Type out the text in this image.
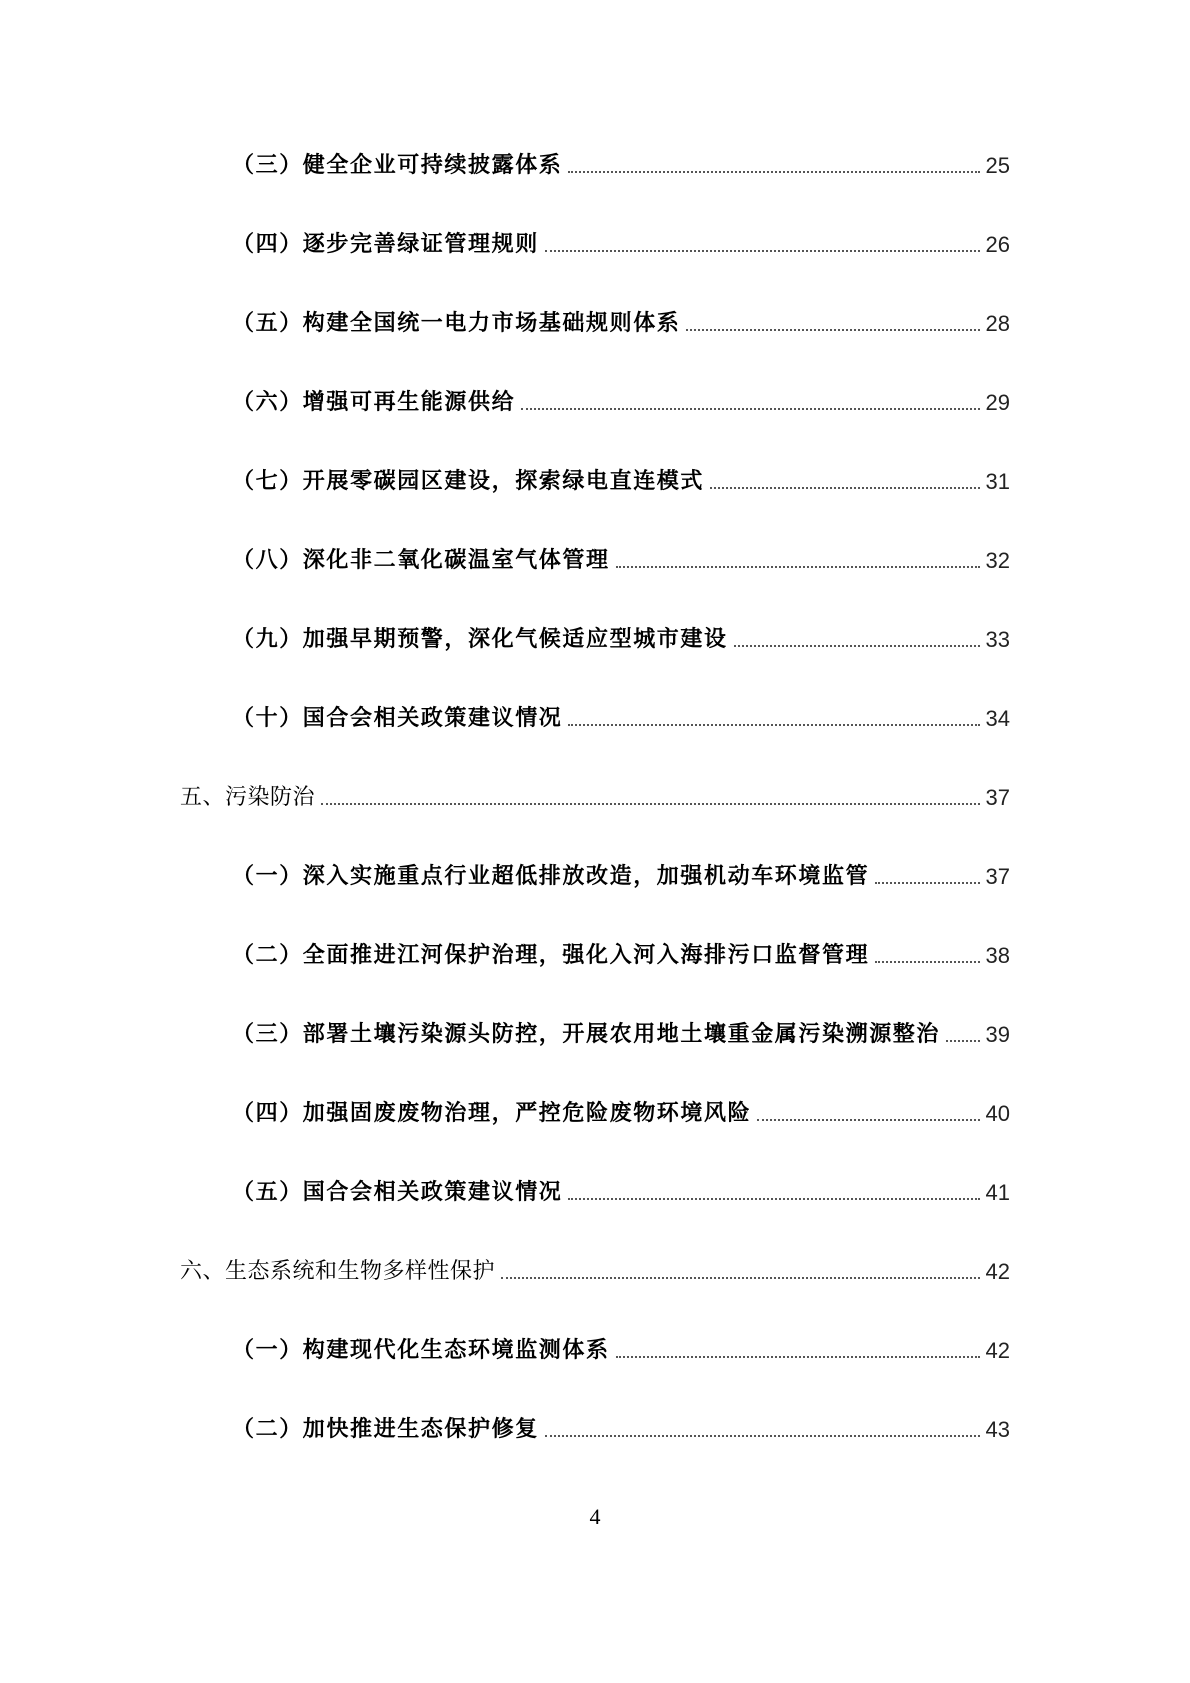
（三）健全企业可持续披露体系	25
（四）逐步完善绿证管理规则	26
（五）构建全国统一电力市场基础规则体系	28
（六）增强可再生能源供给	29
（七）开展零碳园区建设，探索绿电直连模式	31
（八）深化非二氧化碳温室气体管理	32
（九）加强早期预警，深化气候适应型城市建设	33
（十）国合会相关政策建议情况	34
五、污染防治	37
（一）深入实施重点行业超低排放改造，加强机动车环境监管	37
（二）全面推进江河保护治理，强化入河入海排污口监督管理	38
（三）部署土壤污染源头防控，开展农用地土壤重金属污染溯源整治 39
（四）加强固废废物治理，严控危险废物环境风险	40
（五）国合会相关政策建议情况	41
六、生态系统和生物多样性保护	42
（一）构建现代化生态环境监测体系	42
（二）加快推进生态保护修复	43
4
